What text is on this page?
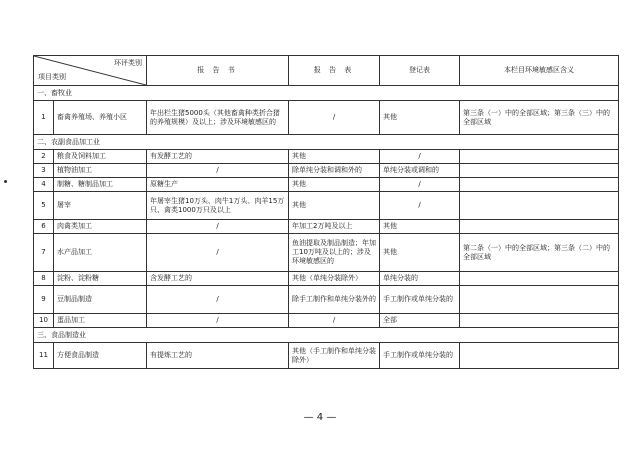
环评类别
项目类别		报 告 书	报 告 表	登记表	本栏目环境敏感区含义
一、畜牧业					
1	畜禽养殖场、养殖小区	年出栏生猪5000头（其他畜禽种类折合猪的养殖规模）及以上；涉及环境敏感区的	/	其他	第三条（一）中的全部区域；第三条（三）中的全部区域
二、农副食品加工业					
2	粮食及饲料加工	有发酵工艺的	其他	/	
3	植物油加工	/	除单纯分装和调和外的	单纯分装或调和的	
4	制糖、糖制品加工	原糖生产	其他	/	
5	屠宰	年屠宰生猪10万头、肉牛1万头、肉羊15万只、禽类1000万只及以上	其他	/	
6	肉禽类加工	/	年加工2万吨及以上	其他	
7	水产品加工	/	鱼油提取及制品制造；年加工10万吨及以上的；涉及环境敏感区的	其他	第二条（一）中的全部区域；第三条（二）中的全部区域
8	淀粉、淀粉糖	含发酵工艺的	其他（单纯分装除外）	单纯分装的	
9	豆制品制造	/	除手工制作和单纯分装外的	手工制作或单纯分装的	
10	蛋品加工	/	/	全部	
三、食品制造业					
11	方便食品制造	有提炼工艺的	其他（手工制作和单纯分装除外）	手工制作或单纯分装的	
— 4 —
